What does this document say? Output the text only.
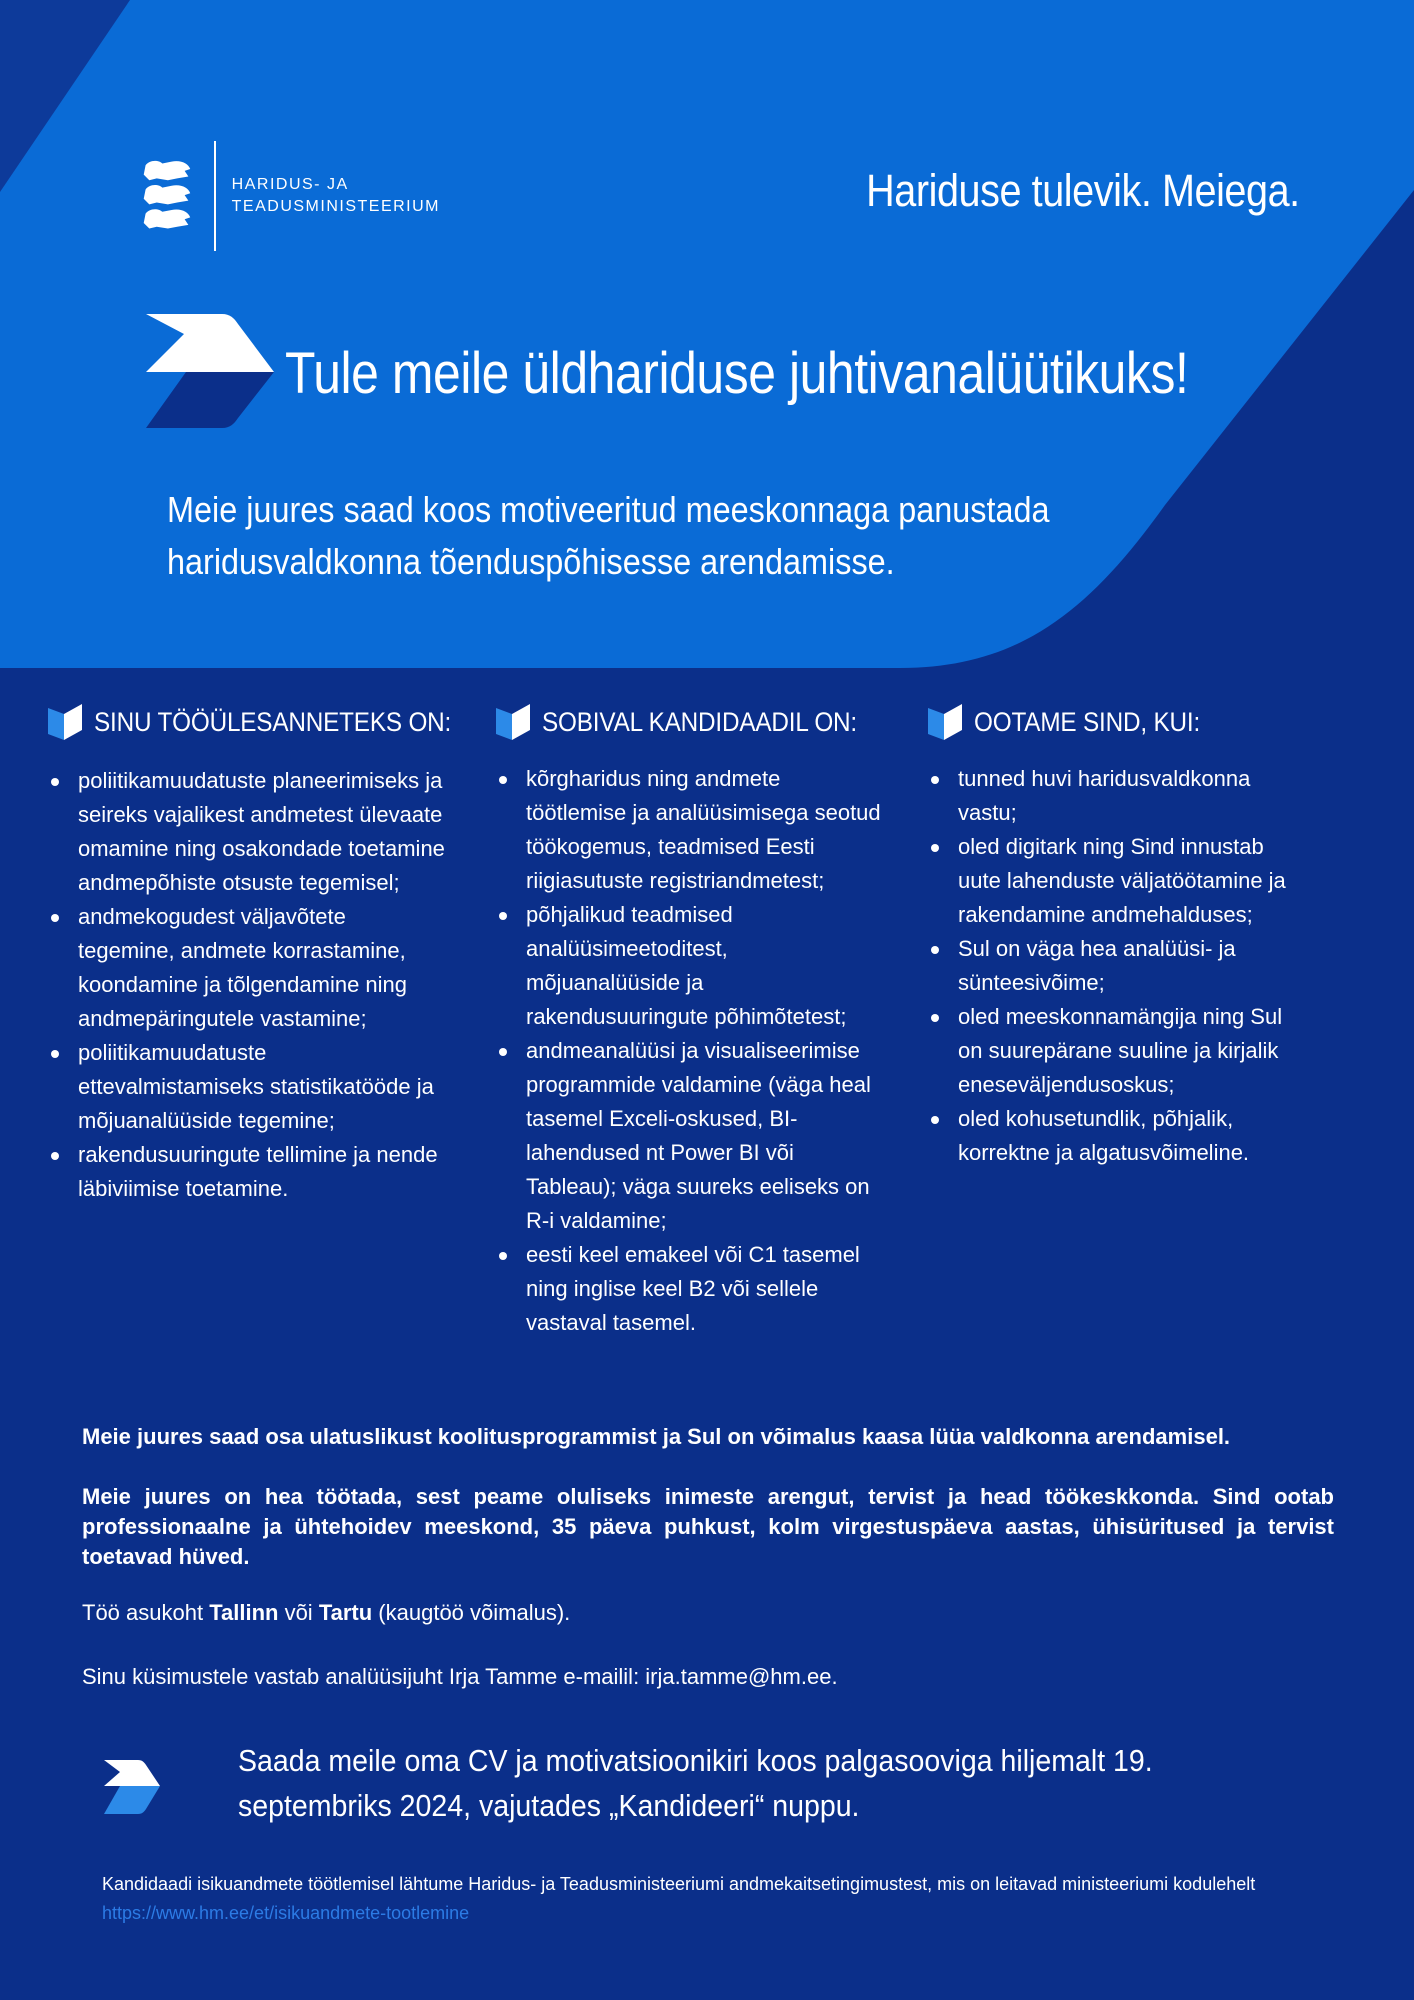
HARIDUS- JA
TEADUSMINISTEERIUM	Hariduse tulevik. Meiega.
Tule meile üldhariduse juhtivanalüütikuks!
Meie juures saad koos motiveeritud meeskonnaga panustada
haridusvaldkonna tõenduspõhisesse arendamisse.
SINU TÖÖÜLESANNETEKS ON:
poliitikamuudatuste planeerimiseks ja seireks vajalikest andmetest ülevaate omamine ning osakondade toetamine andmepõhiste otsuste tegemisel;
andmekogudest väljavõtete tegemine, andmete korrastamine, koondamine ja tõlgendamine ning andmepäringutele vastamine;
poliitikamuudatuste ettevalmistamiseks statistikatööde ja mõjuanalüüside tegemine;
rakendusuuringute tellimine ja nende läbiviimise toetamine.
SOBIVAL KANDIDAADIL ON:
kõrgharidus ning andmete töötlemise ja analüüsimisega seotud töökogemus, teadmised Eesti riigiasutuste registriandmetest;
põhjalikud teadmised analüüsimeetoditest, mõjuanalüüside ja rakendusuuringute põhimõtetest;
andmeanalüüsi ja visualiseerimise programmide valdamine (väga heal tasemel Exceli-oskused, BI-lahendused nt Power BI või Tableau); väga suureks eeliseks on R-i valdamine;
eesti keel emakeel või C1 tasemel ning inglise keel B2 või sellele vastaval tasemel.
OOTAME SIND, KUI:
tunned huvi haridusvaldkonna vastu;
oled digitark ning Sind innustab uute lahenduste väljatöötamine ja rakendamine andmehalduses;
Sul on väga hea analüüsi- ja sünteesivõime;
oled meeskonnamängija ning Sul on suurepärane suuline ja kirjalik eneseväljendusoskus;
oled kohusetundlik, põhjalik, korrektne ja algatusvõimeline.
Meie juures saad osa ulatuslikust koolitusprogrammist ja Sul on võimalus kaasa lüüa valdkonna arendamisel.
Meie juures on hea töötada, sest peame oluliseks inimeste arengut, tervist ja head töökeskkonda. Sind ootab professionaalne ja ühtehoidev meeskond, 35 päeva puhkust, kolm virgestuspäeva aastas, ühisüritused ja tervist toetavad hüved.
Töö asukoht Tallinn või Tartu (kaugtöö võimalus).
Sinu küsimustele vastab analüüsijuht Irja Tamme e-mailil: irja.tamme@hm.ee.
Saada meile oma CV ja motivatsioonikiri koos palgasooviga hiljemalt 19.
septembriks 2024, vajutades „Kandideeri“ nuppu.
Kandidaadi isikuandmete töötlemisel lähtume Haridus- ja Teadusministeeriumi andmekaitsetingimustest, mis on leitavad ministeeriumi kodulehelt https://www.hm.ee/et/isikuandmete-tootlemine
